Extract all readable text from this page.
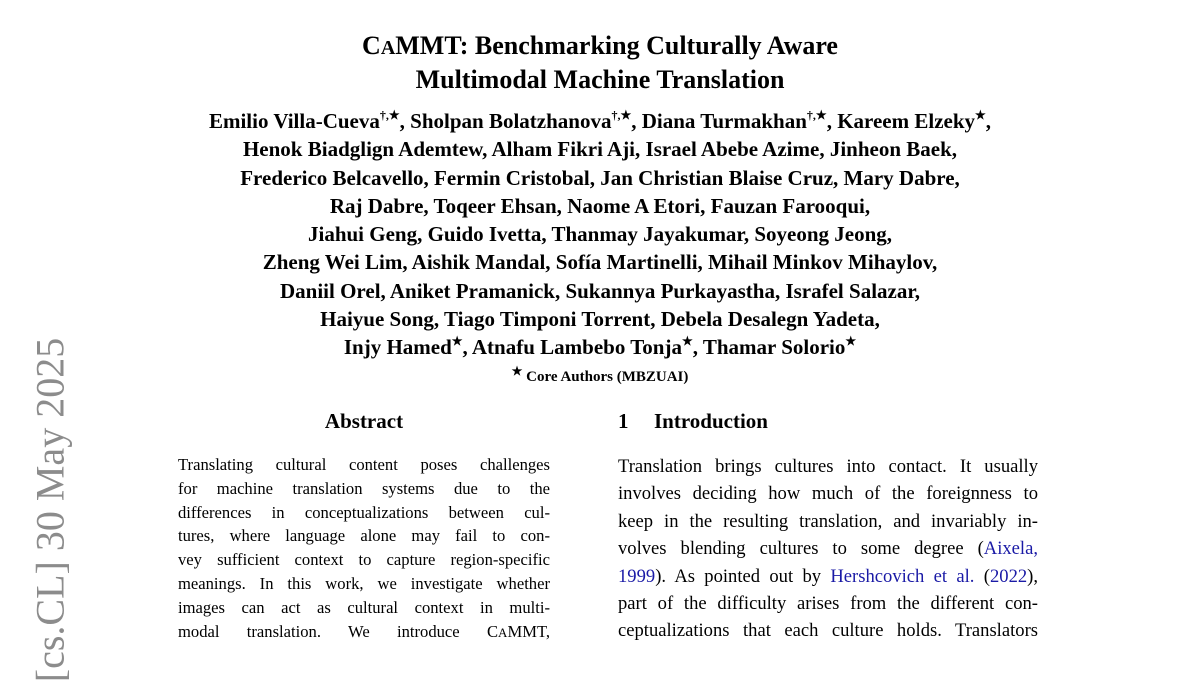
[cs.CL] 30 May 2025
CAMMT: Benchmarking Culturally Aware
Multimodal Machine Translation
Emilio Villa-Cueva†,★, Sholpan Bolatzhanova†,★, Diana Turmakhan†,★, Kareem Elzeky★,
Henok Biadglign Ademtew, Alham Fikri Aji, Israel Abebe Azime, Jinheon Baek,
Frederico Belcavello, Fermin Cristobal, Jan Christian Blaise Cruz, Mary Dabre,
Raj Dabre, Toqeer Ehsan, Naome A Etori, Fauzan Farooqui,
Jiahui Geng, Guido Ivetta, Thanmay Jayakumar, Soyeong Jeong,
Zheng Wei Lim, Aishik Mandal, Sofía Martinelli, Mihail Minkov Mihaylov,
Daniil Orel, Aniket Pramanick, Sukannya Purkayastha, Israfel Salazar,
Haiyue Song, Tiago Timponi Torrent, Debela Desalegn Yadeta,
Injy Hamed★, Atnafu Lambebo Tonja★, Thamar Solorio★
★ Core Authors (MBZUAI)
Abstract
Translating cultural content poses challenges
for machine translation systems due to the
differences in conceptualizations between cul-
tures, where language alone may fail to con-
vey sufficient context to capture region-specific
meanings. In this work, we investigate whether
images can act as cultural context in multi-
modal translation. We introduce CAMMT,
1 Introduction
Translation brings cultures into contact. It usually
involves deciding how much of the foreignness to
keep in the resulting translation, and invariably in-
volves blending cultures to some degree (Aixela,
1999). As pointed out by Hershcovich et al. (2022),
part of the difficulty arises from the different con-
ceptualizations that each culture holds. Translators
